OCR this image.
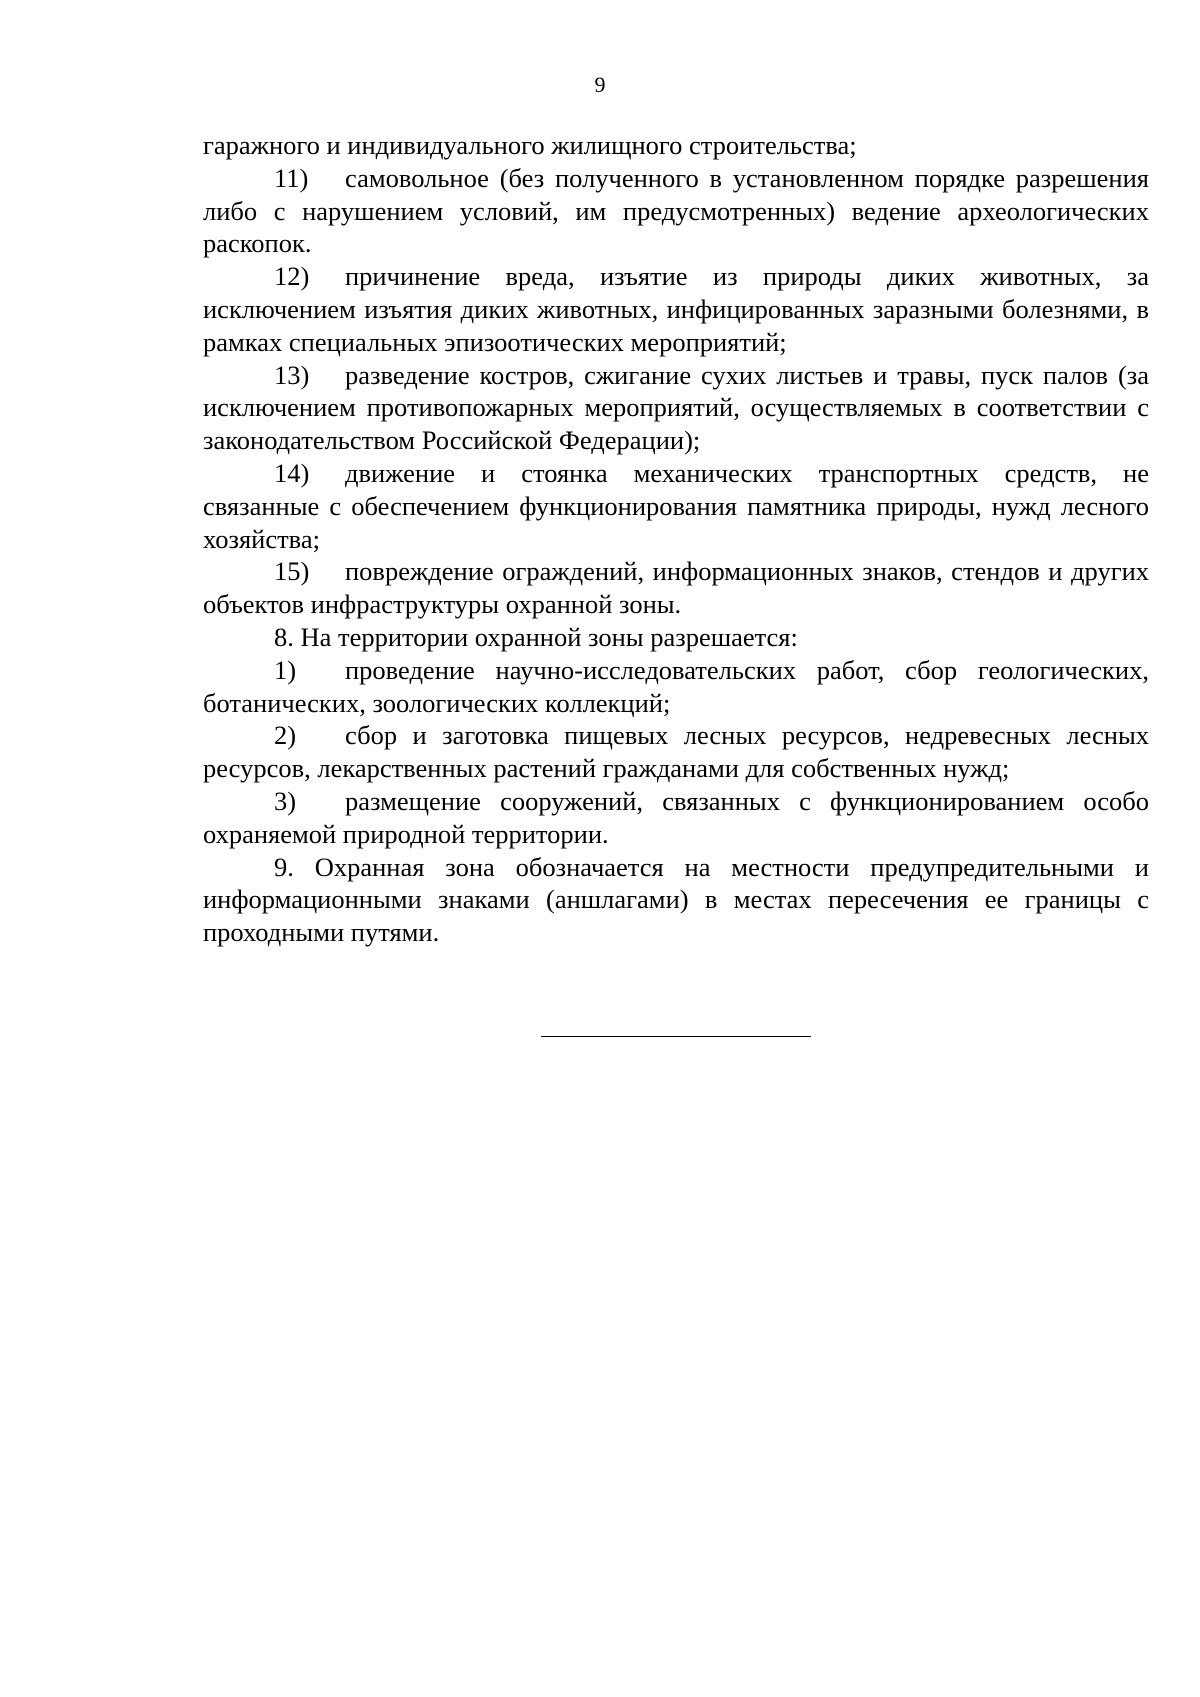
9

гаражного и индивидуального жилищного строительства;

11) самовольное (без полученного в установленном порядке разрешения либо с нарушением условий, им предусмотренных) ведение археологических раскопок.

12) причинение вреда, изъятие из природы диких животных, за исключением изъятия диких животных, инфицированных заразными болезнями, в рамках специальных эпизоотических мероприятий;

13) разведение костров, сжигание сухих листьев и травы, пуск палов (за исключением противопожарных мероприятий, осуществляемых в соответствии с законодательством Российской Федерации);

14) движение и стоянка механических транспортных средств, не связанные с обеспечением функционирования памятника природы, нужд лесного хозяйства;

15) повреждение ограждений, информационных знаков, стендов и других объектов инфраструктуры охранной зоны.

8. На территории охранной зоны разрешается:

1) проведение научно-исследовательских работ, сбор геологических, ботанических, зоологических коллекций;

2) сбор и заготовка пищевых лесных ресурсов, недревесных лесных ресурсов, лекарственных растений гражданами для собственных нужд;

3) размещение сооружений, связанных с функционированием особо охраняемой природной территории.

9. Охранная зона обозначается на местности предупредительными и информационными знаками (аншлагами) в местах пересечения ее границы с проходными путями.
